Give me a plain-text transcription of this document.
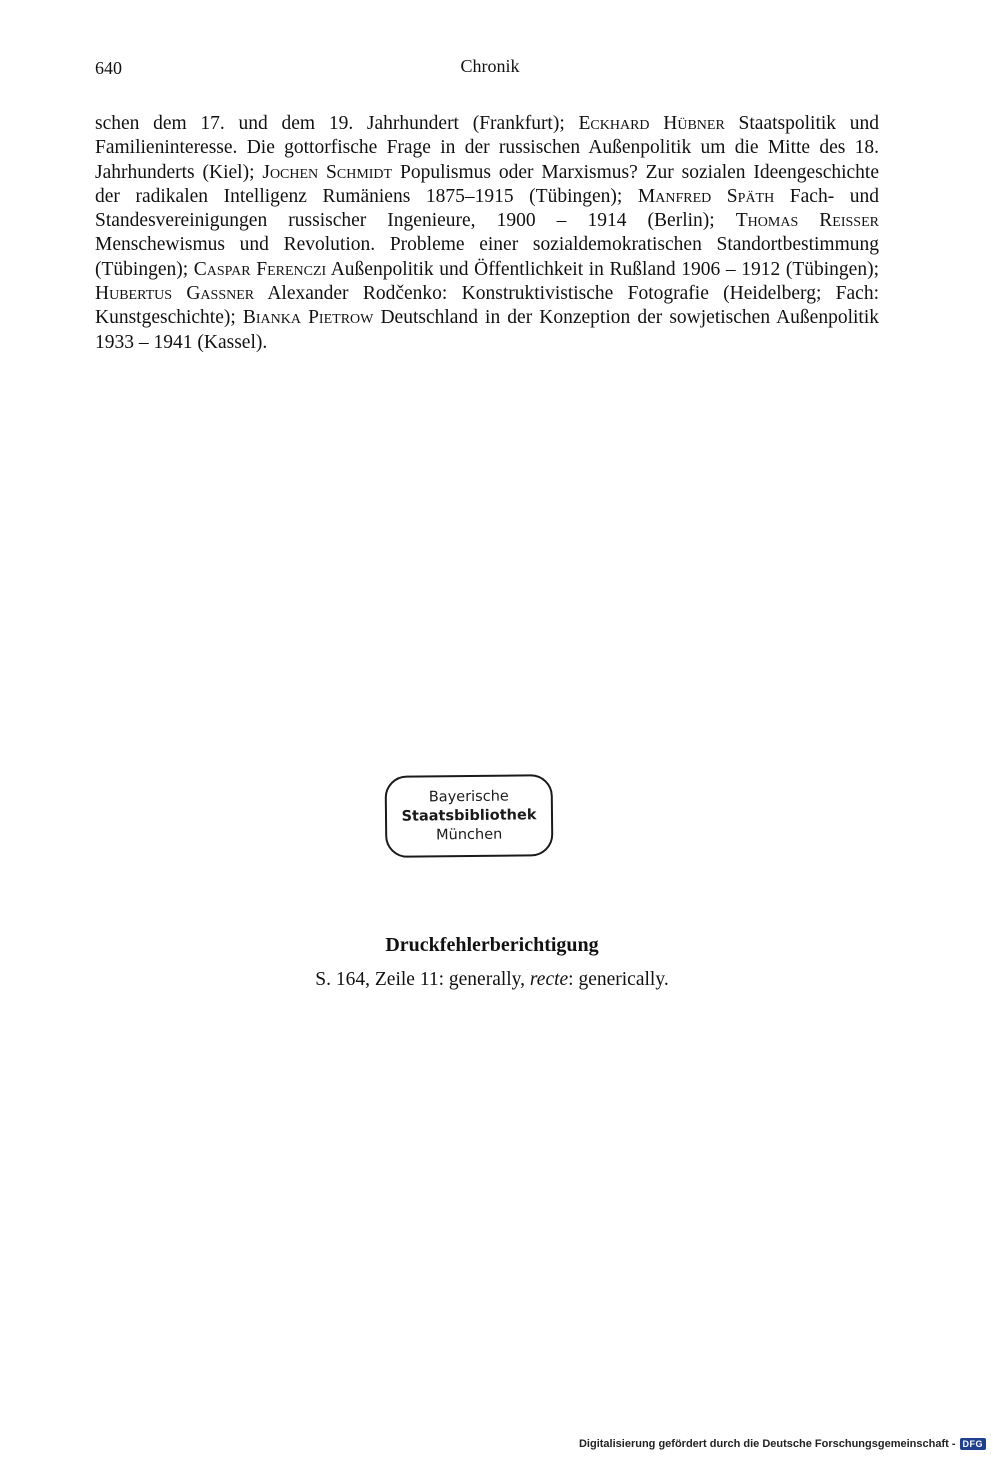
640	Chronik

schen dem 17. und dem 19. Jahrhundert (Frankfurt); Eckhard Hübner Staatspolitik und Familieninteresse. Die gottorfische Frage in der russischen Außenpolitik um die Mitte des 18. Jahrhunderts (Kiel); Jochen Schmidt Populismus oder Marxismus? Zur sozialen Ideengeschichte der radikalen Intelligenz Rumäniens 1875–1915 (Tübingen); Manfred Späth Fach- und Standesvereinigungen russischer Ingenieure, 1900 – 1914 (Berlin); Thomas Reisser Menschewismus und Revolution. Probleme einer sozialdemokratischen Standortbestimmung (Tübingen); Caspar Ferenczi Außenpolitik und Öffentlichkeit in Rußland 1906 – 1912 (Tübingen); Hubertus Gassner Alexander Rodčenko: Konstruktivistische Fotografie (Heidelberg; Fach: Kunstgeschichte); Bianka Pietrow Deutschland in der Konzeption der sowjetischen Außenpolitik 1933 – 1941 (Kassel).

Bayerische
Staatsbibliothek
München
Druckfehlerberichtigung
S. 164, Zeile 11: generally, recte: generically.
Digitalisierung gefördert durch die Deutsche Forschungsgemeinschaft - DFG
